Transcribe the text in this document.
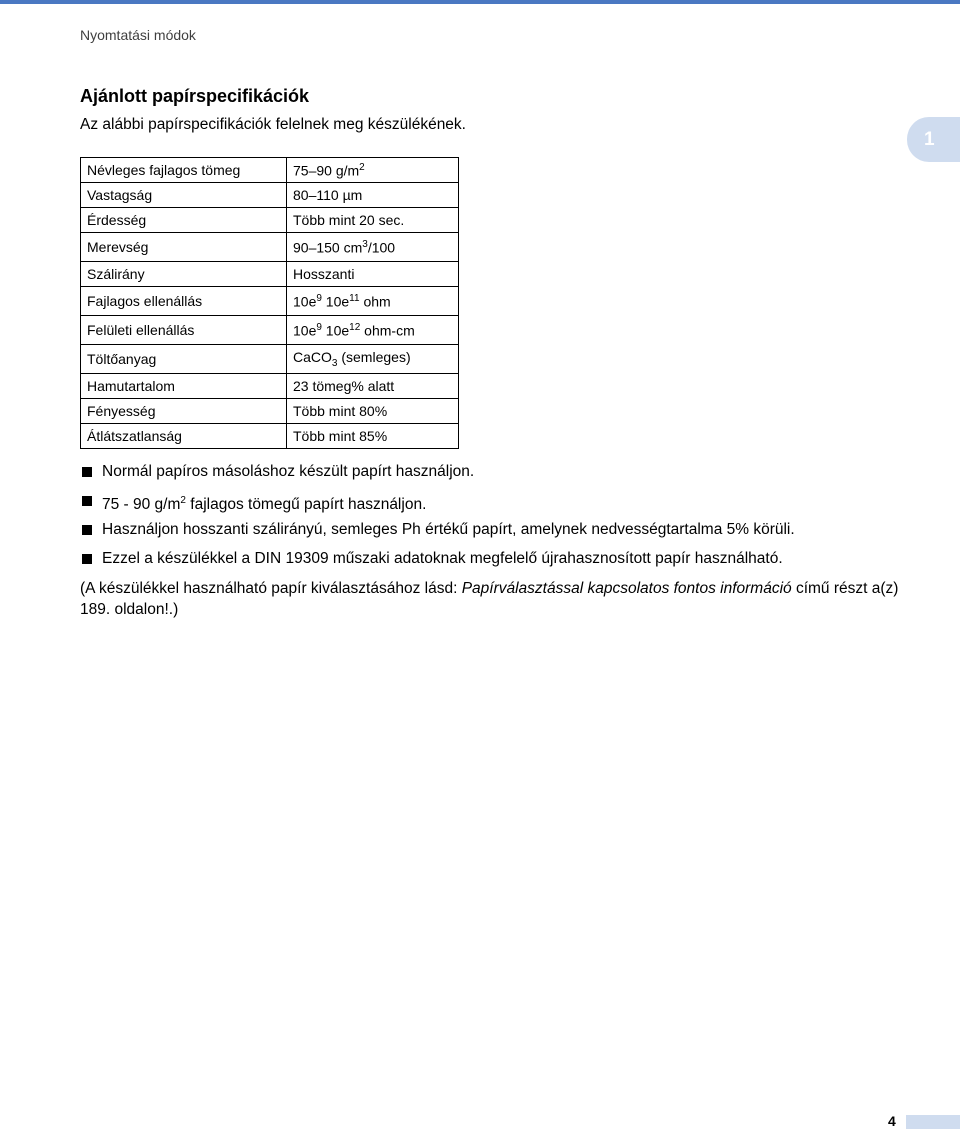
Nyomtatási módok
Ajánlott papírspecifikációk
Az alábbi papírspecifikációk felelnek meg készülékének.
1
Névleges fajlagos tömeg	75–90 $g/m^2$
Vastagság	80–110 µm
Érdesség	Több mint 20 sec.
Merevség	90–150 $cm^3/100$
Szálirány	Hosszanti
Fajlagos ellenállás	$10e^9$ $10e^{11}$ ohm
Felületi ellenállás	$10e^9$ $10e^{12}$ ohm-cm
Töltőanyag	CaCO$_3$ (semleges)
Hamutartalom	23 tömeg% alatt
Fényesség	Több mint 80%
Átlátszatlanság	Több mint 85%
Normál papíros másoláshoz készült papírt használjon.
75 - 90 $g/m^2$ fajlagos tömegű papírt használjon.
Használjon hosszanti szálirányú, semleges Ph értékű papírt, amelynek nedvességtartalma 5% körüli.
Ezzel a készülékkel a DIN 19309 műszaki adatoknak megfelelő újrahasznosított papír használható.
(A készülékkel használható papír kiválasztásához lásd: Papírválasztással kapcsolatos fontos információ című részt a(z) 189. oldalon!.)
4
